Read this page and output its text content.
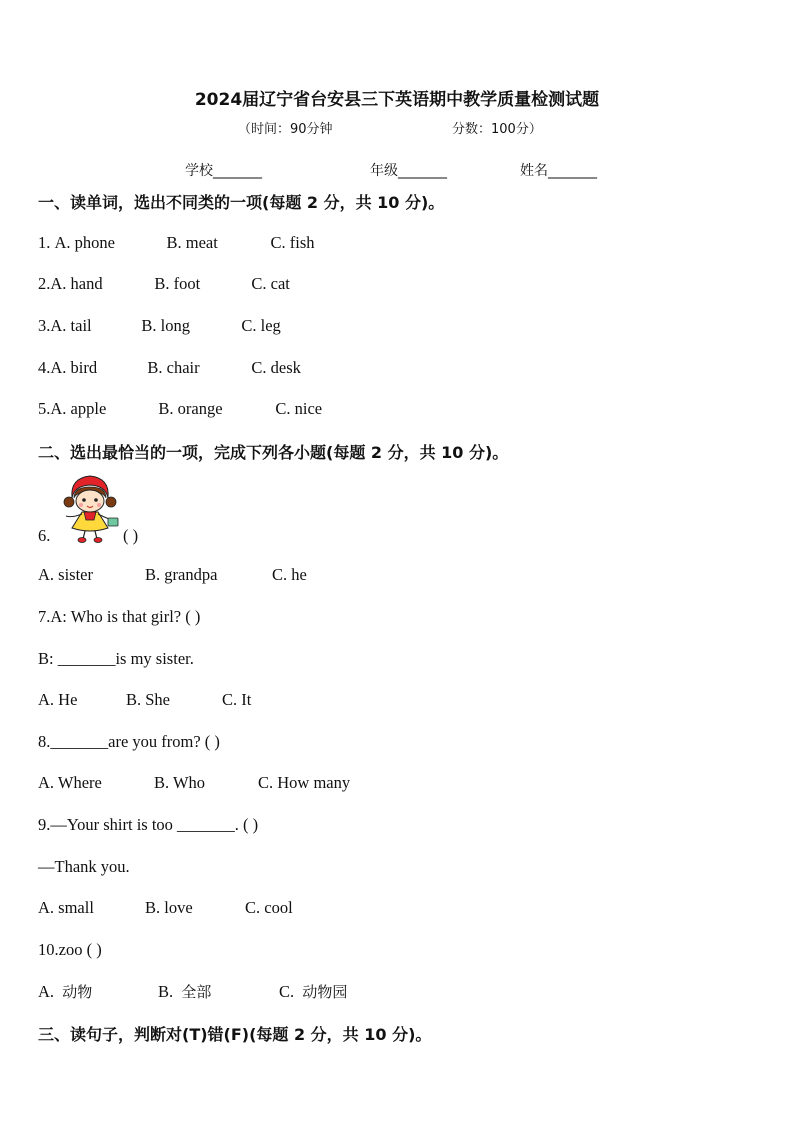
2024届辽宁省台安县三下英语期中教学质量检测试题
（时间：90分钟	分数：100分）
学校_______	年级_______	姓名_______
一、读单词，选出不同类的一项(每题 2 分，共 10 分)。
1. A. phone	B. meat	C. fish
2.A. hand	B. foot	C. cat
3.A. tail	B. long	C. leg
4.A. bird	B. chair	C. desk
5.A. apple	B. orange	C. nice
二、选出最恰当的一项，完成下列各小题(每题 2 分，共 10 分)。
6.	( )
A. sister	B. grandpa	C. he
7.A: Who is that girl? ( )
B: _______is my sister.
A. He	B. She	C. It
8._______are you from? ( )
A. Where	B. Who	C. How many
9.—Your shirt is too _______. ( )
—Thank you.
A. small	B. love	C. cool
10.zoo ( )
A. 动物	B. 全部	C. 动物园
三、读句子，判断对(T)错(F)(每题 2 分，共 10 分)。
